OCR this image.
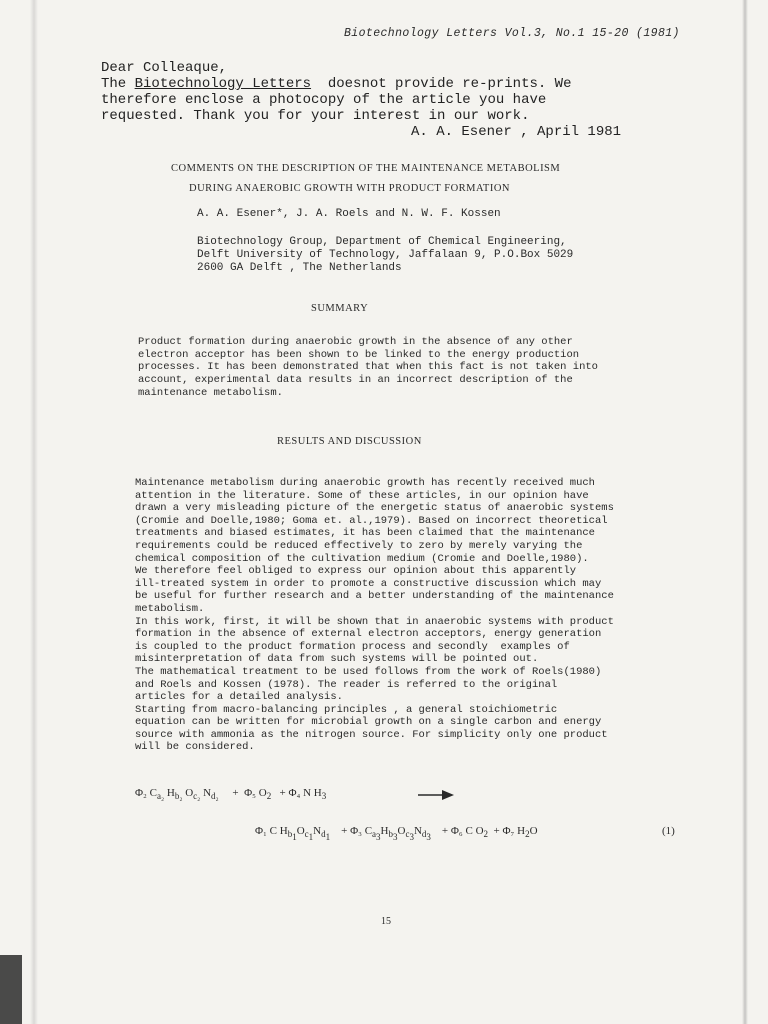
Biotechnology Letters Vol.3, No.1 15-20 (1981)
Dear Colleaque,
The Biotechnology Letters  doesnot provide re-prints. We
therefore enclose a photocopy of the article you have
requested. Thank you for your interest in our work.
A. A. Esener , April 1981
COMMENTS ON THE DESCRIPTION OF THE MAINTENANCE METABOLISM
DURING ANAEROBIC GROWTH WITH PRODUCT FORMATION
A. A. Esener*, J. A. Roels and N. W. F. Kossen
Biotechnology Group, Department of Chemical Engineering,
Delft University of Technology, Jaffalaan 9, P.O.Box 5029
2600 GA Delft , The Netherlands
SUMMARY
Product formation during anaerobic growth in the absence of any other
electron acceptor has been shown to be linked to the energy production
processes. It has been demonstrated that when this fact is not taken into
account, experimental data results in an incorrect description of the
maintenance metabolism.
RESULTS AND DISCUSSION
Maintenance metabolism during anaerobic growth has recently received much
attention in the literature. Some of these articles, in our opinion have
drawn a very misleading picture of the energetic status of anaerobic systems
(Cromie and Doelle,1980; Goma et. al.,1979). Based on incorrect theoretical
treatments and biased estimates, it has been claimed that the maintenance
requirements could be reduced effectively to zero by merely varying the
chemical composition of the cultivation medium (Cromie and Doelle,1980).
We therefore feel obliged to express our opinion about this apparently
ill-treated system in order to promote a constructive discussion which may
be useful for further research and a better understanding of the maintenance
metabolism.
In this work, first, it will be shown that in anaerobic systems with product
formation in the absence of external electron acceptors, energy generation
is coupled to the product formation process and secondly  examples of
misinterpretation of data from such systems will be pointed out.
The mathematical treatment to be used follows from the work of Roels(1980)
and Roels and Kossen (1978). The reader is referred to the original
articles for a detailed analysis.
Starting from macro-balancing principles , a general stoichiometric
equation can be written for microbial growth on a single carbon and energy
source with ammonia as the nitrogen source. For simplicity only one product
will be considered.
Φ₂ $C_{a_2}$ $H_{b_2}$ $O_{c_2}$ $N_{d_2} + \Phi_5$ $O_2 + \Phi_4$ N $H_3$
Φ₁ C $H_{b_1}O_{c_1}N_{d_1} + \Phi_3$ $C_{a_3}H_{b_3}O_{c_3}N_{d_3} + \Phi_6$ C $O_2 + \Phi_7$ $H_2O$	(1)
15
